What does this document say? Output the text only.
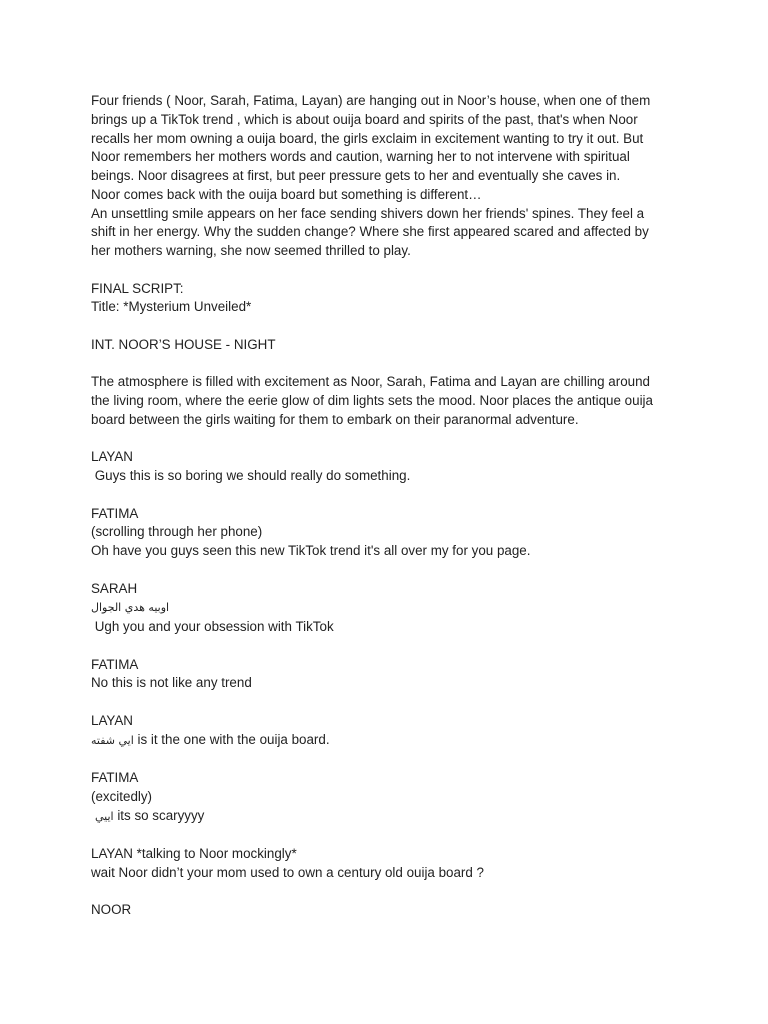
Four friends ( Noor, Sarah, Fatima, Layan) are hanging out in Noor’s house, when one of them
brings up a TikTok trend , which is about ouija board and spirits of the past, that's when Noor
recalls her mom owning a ouija board, the girls exclaim in excitement wanting to try it out. But
Noor remembers her mothers words and caution, warning her to not intervene with spiritual
beings. Noor disagrees at first, but peer pressure gets to her and eventually she caves in.
Noor comes back with the ouija board but something is different…
An unsettling smile appears on her face sending shivers down her friends' spines. They feel a
shift in her energy. Why the sudden change? Where she first appeared scared and affected by
her mothers warning, she now seemed thrilled to play.
FINAL SCRIPT:
Title: *Mysterium Unveiled*
INT. NOOR’S HOUSE - NIGHT
The atmosphere is filled with excitement as Noor, Sarah, Fatima and Layan are chilling around
the living room, where the eerie glow of dim lights sets the mood. Noor places the antique ouija
board between the girls waiting for them to embark on their paranormal adventure.
LAYAN
Guys this is so boring we should really do something.
FATIMA
(scrolling through her phone)
Oh have you guys seen this new TikTok trend it's all over my for you page.
SARAH
اوبيه هدي الجوال
Ugh you and your obsession with TikTok
FATIMA
No this is not like any trend
LAYAN
ايي شفته is it the one with the ouija board.
FATIMA
(excitedly)
اييي its so scaryyyy
LAYAN *talking to Noor mockingly*
wait Noor didn’t your mom used to own a century old ouija board ?
NOOR
